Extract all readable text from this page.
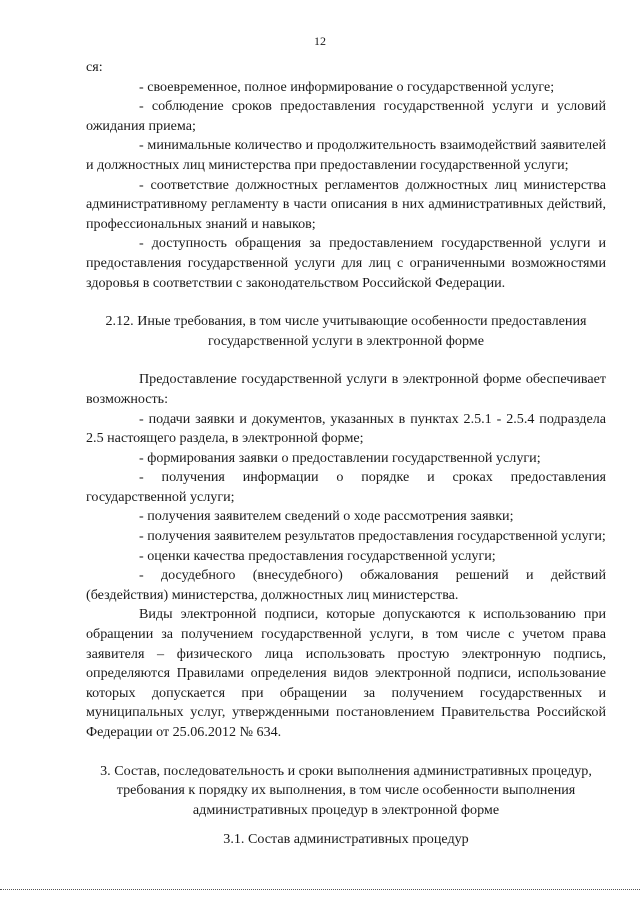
12

ся:

- своевременное, полное информирование о государственной услуге;

- соблюдение сроков предоставления государственной услуги и условий ожидания приема;

- минимальные количество и продолжительность взаимодействий заявителей и должностных лиц министерства при предоставлении государственной услуги;

- соответствие должностных регламентов должностных лиц министерства административному регламенту в части описания в них административных действий, профессиональных знаний и навыков;

- доступность обращения за предоставлением государственной услуги и предоставления государственной услуги для лиц с ограниченными возможностями здоровья в соответствии с законодательством Российской Федерации.

2.12. Иные требования, в том числе учитывающие особенности предоставления государственной услуги в электронной форме

Предоставление государственной услуги в электронной форме обеспечивает возможность:

- подачи заявки и документов, указанных в пунктах 2.5.1 - 2.5.4 подраздела 2.5 настоящего раздела, в электронной форме;

- формирования заявки о предоставлении государственной услуги;

- получения информации о порядке и сроках предоставления государственной услуги;

- получения заявителем сведений о ходе рассмотрения заявки;

- получения заявителем результатов предоставления государственной услуги;

- оценки качества предоставления государственной услуги;

- досудебного (внесудебного) обжалования решений и действий (бездействия) министерства, должностных лиц министерства.

Виды электронной подписи, которые допускаются к использованию при обращении за получением государственной услуги, в том числе с учетом права заявителя – физического лица использовать простую электронную подпись, определяются Правилами определения видов электронной подписи, использование которых допускается при обращении за получением государственных и муниципальных услуг, утвержденными постановлением Правительства Российской Федерации от 25.06.2012 № 634.

3. Состав, последовательность и сроки выполнения административных процедур, требования к порядку их выполнения, в том числе особенности выполнения административных процедур в электронной форме

3.1. Состав административных процедур
